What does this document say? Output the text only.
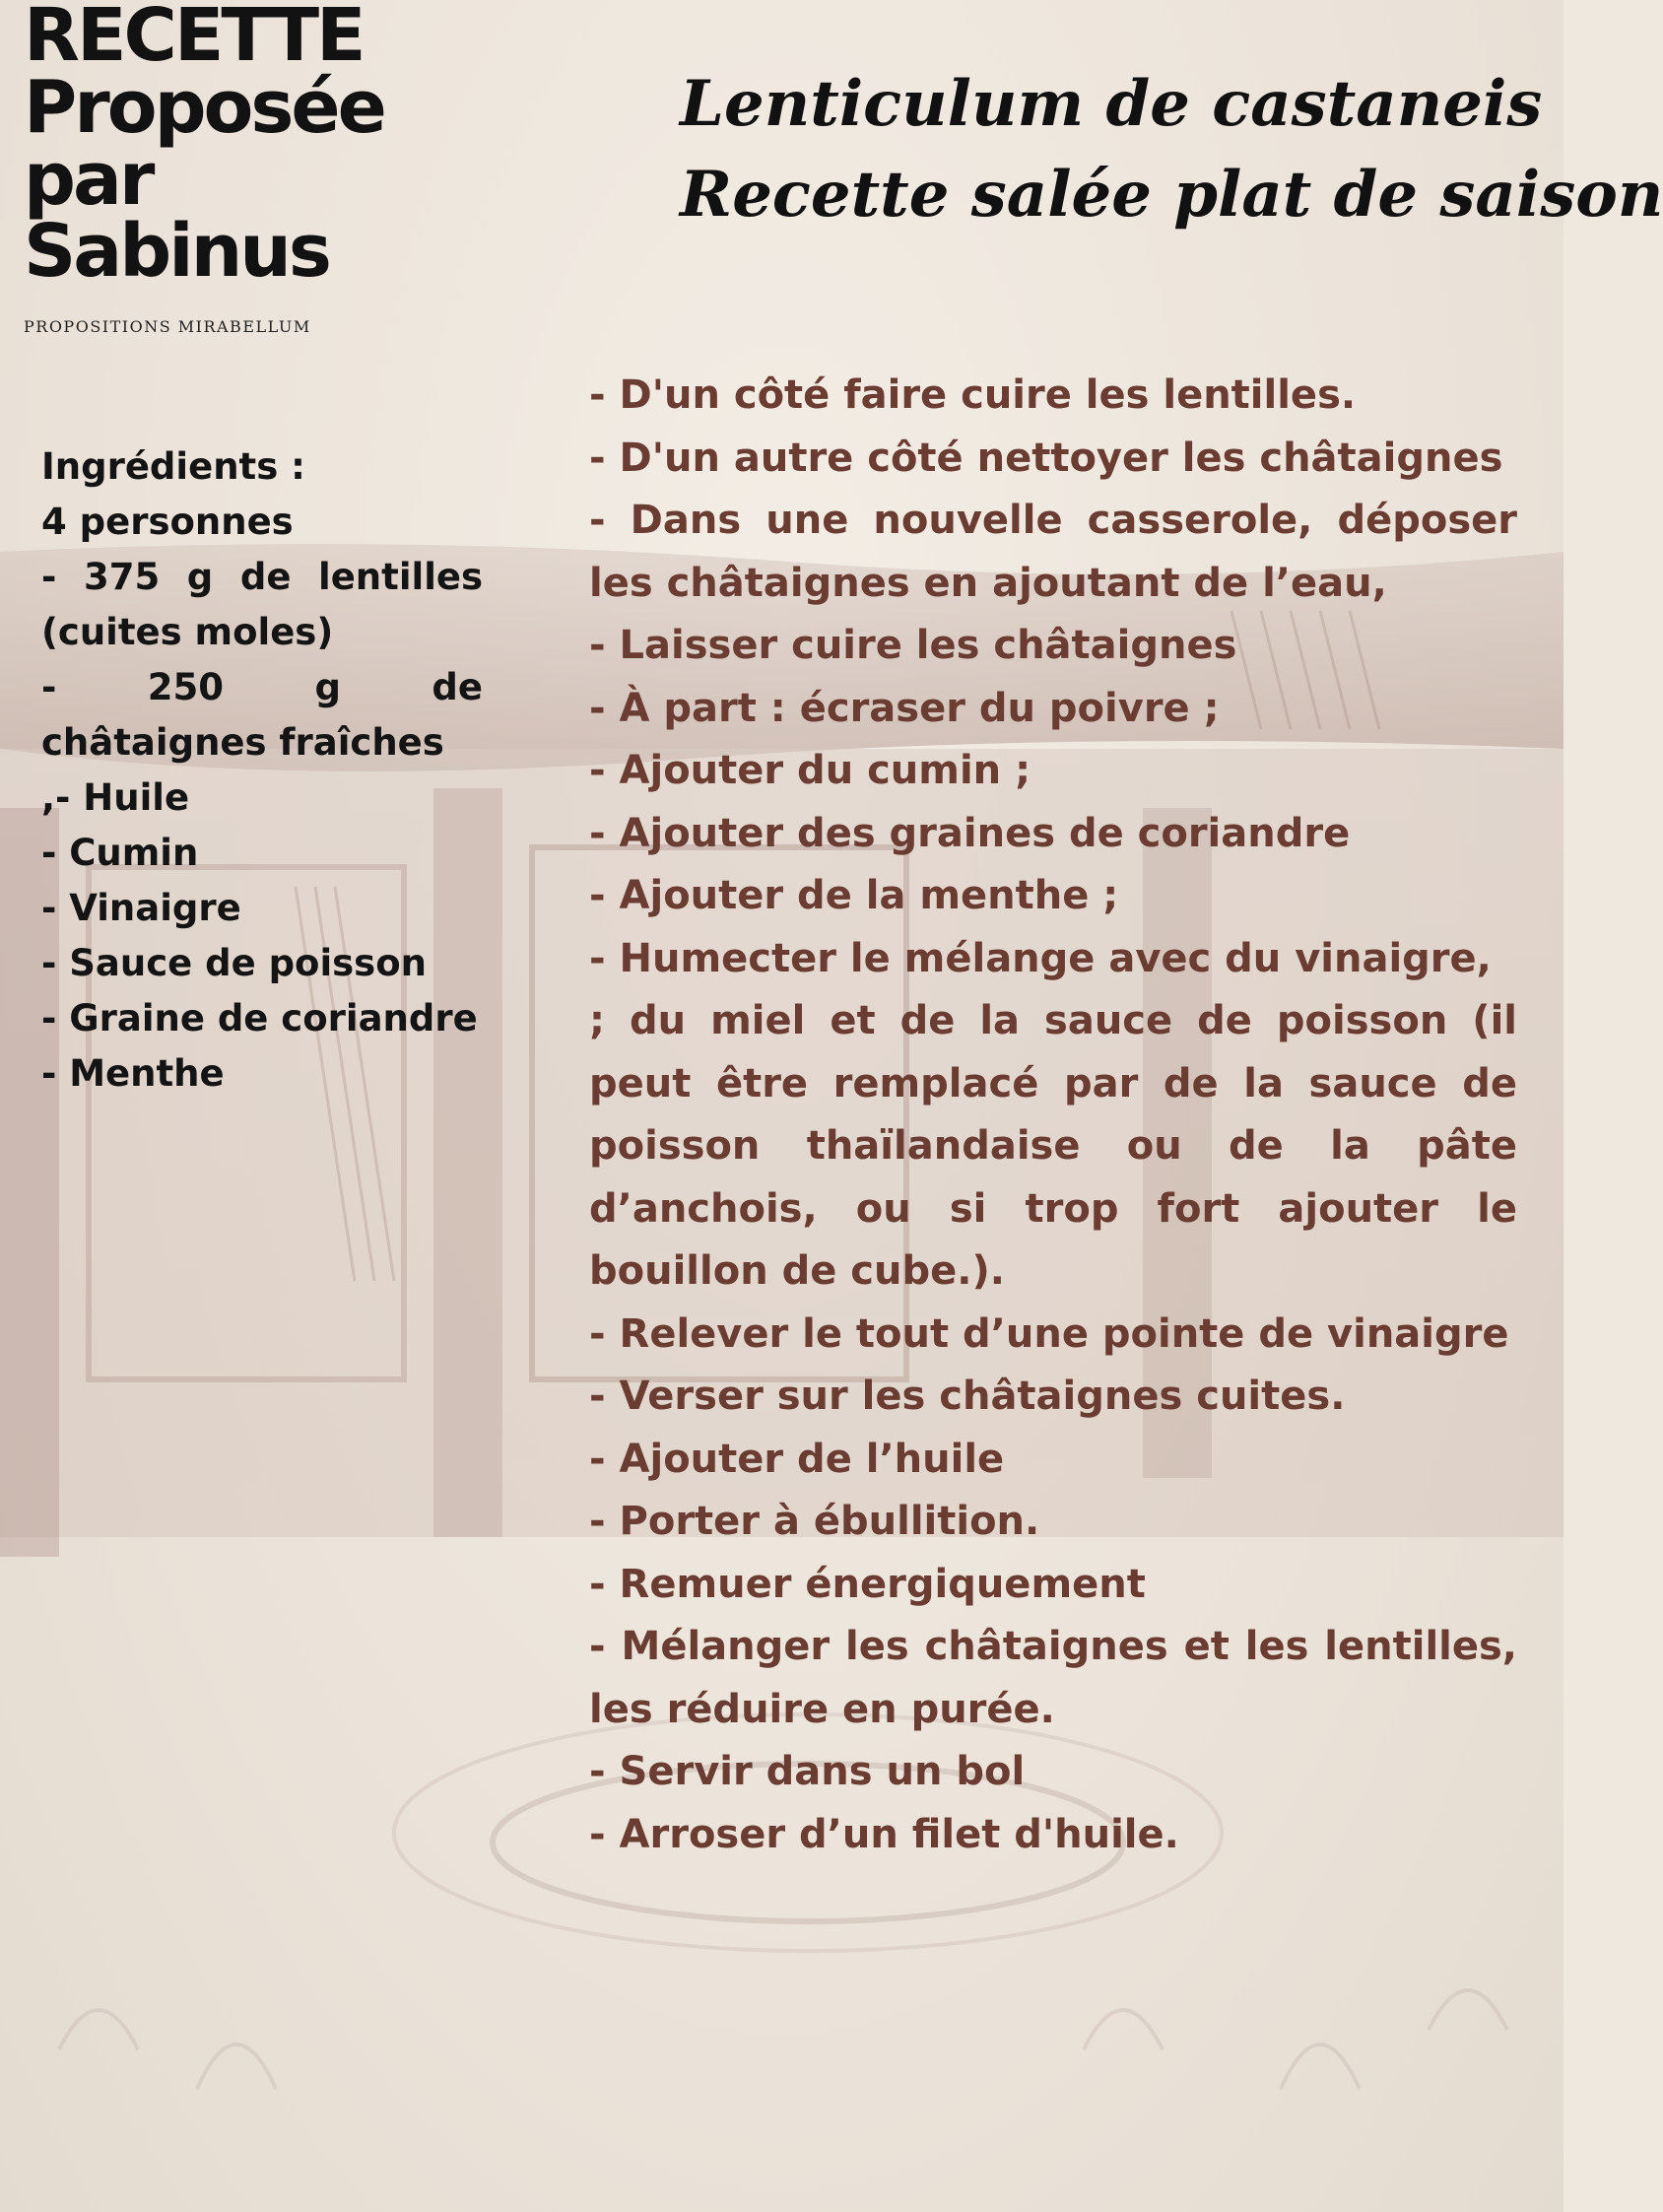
RECETTE
Proposée
par
Sabinus
PROPOSITIONS MIRABELLUM
Lenticulum de castaneis
Recette salée plat de saison
Ingrédients :
4 personnes
- 375 g de lentilles (cuites moles)
- 250 g de châtaignes fraîches
,- Huile
- Cumin
- Vinaigre
- Sauce de poisson
- Graine de coriandre
- Menthe
- D'un côté faire cuire les lentilles.
- D'un autre côté nettoyer les châtaignes
- Dans une nouvelle casserole, déposer les châtaignes en ajoutant de l’eau,
- Laisser cuire les châtaignes
- À part : écraser du poivre ;
- Ajouter du cumin ;
- Ajouter des graines de coriandre
- Ajouter de la menthe ;
- Humecter le mélange avec du vinaigre,
; du miel et de la sauce de poisson (il peut être remplacé par de la sauce de poisson thaïlandaise ou de la pâte d’anchois, ou si trop fort ajouter le bouillon de cube.).
- Relever le tout d’une pointe de vinaigre
- Verser sur les châtaignes cuites.
- Ajouter de l’huile
- Porter à ébullition.
- Remuer énergiquement
- Mélanger les châtaignes et les lentilles, les réduire en purée.
- Servir dans un bol
- Arroser d’un filet d'huile.
